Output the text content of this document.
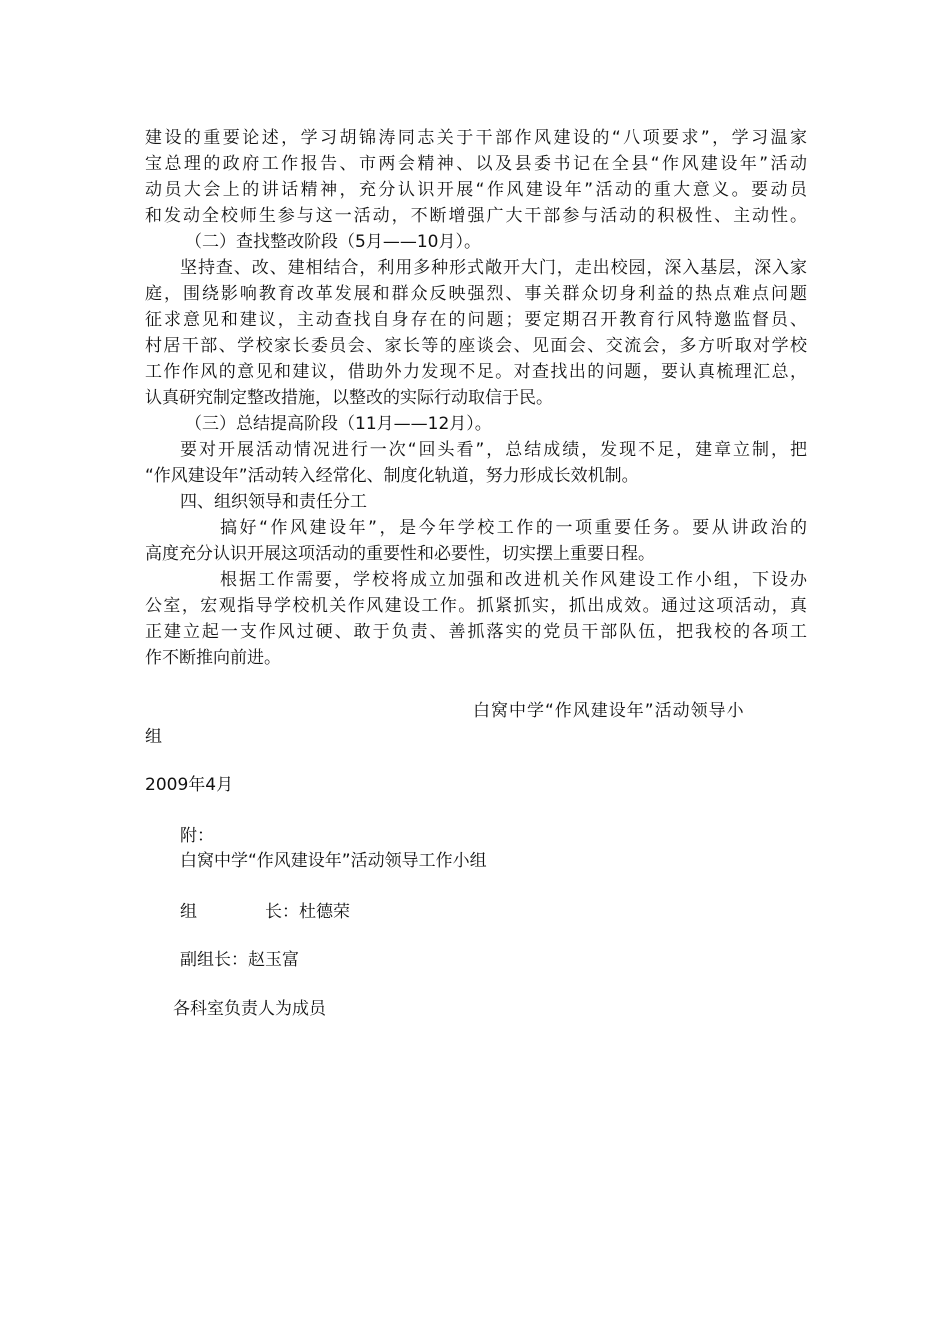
建设的重要论述，学习胡锦涛同志关于干部作风建设的“八项要求”，学习温家
宝总理的政府工作报告、市两会精神、以及县委书记在全县“作风建设年”活动
动员大会上的讲话精神，充分认识开展“作风建设年”活动的重大意义。要动员
和发动全校师生参与这一活动，不断增强广大干部参与活动的积极性、主动性。
（二）查找整改阶段（5月——10月）。
坚持查、改、建相结合，利用多种形式敞开大门，走出校园，深入基层，深入家
庭，围绕影响教育改革发展和群众反映强烈、事关群众切身利益的热点难点问题
征求意见和建议，主动查找自身存在的问题；要定期召开教育行风特邀监督员、
村居干部、学校家长委员会、家长等的座谈会、见面会、交流会，多方听取对学校
工作作风的意见和建议，借助外力发现不足。对查找出的问题，要认真梳理汇总，
认真研究制定整改措施，以整改的实际行动取信于民。
（三）总结提高阶段（11月——12月）。
要对开展活动情况进行一次“回头看”，总结成绩，发现不足，建章立制，把
“作风建设年”活动转入经常化、制度化轨道，努力形成长效机制。
四、组织领导和责任分工
搞好“作风建设年”，是今年学校工作的一项重要任务。要从讲政治的
高度充分认识开展这项活动的重要性和必要性，切实摆上重要日程。
根据工作需要，学校将成立加强和改进机关作风建设工作小组，下设办
公室，宏观指导学校机关作风建设工作。抓紧抓实，抓出成效。通过这项活动，真
正建立起一支作风过硬、敢于负责、善抓落实的党员干部队伍，把我校的各项工
作不断推向前进。
白窝中学“作风建设年”活动领导小
组
2009年4月
附：
白窝中学“作风建设年”活动领导工作小组
组	长：杜德荣
副组长：赵玉富
各科室负责人为成员
